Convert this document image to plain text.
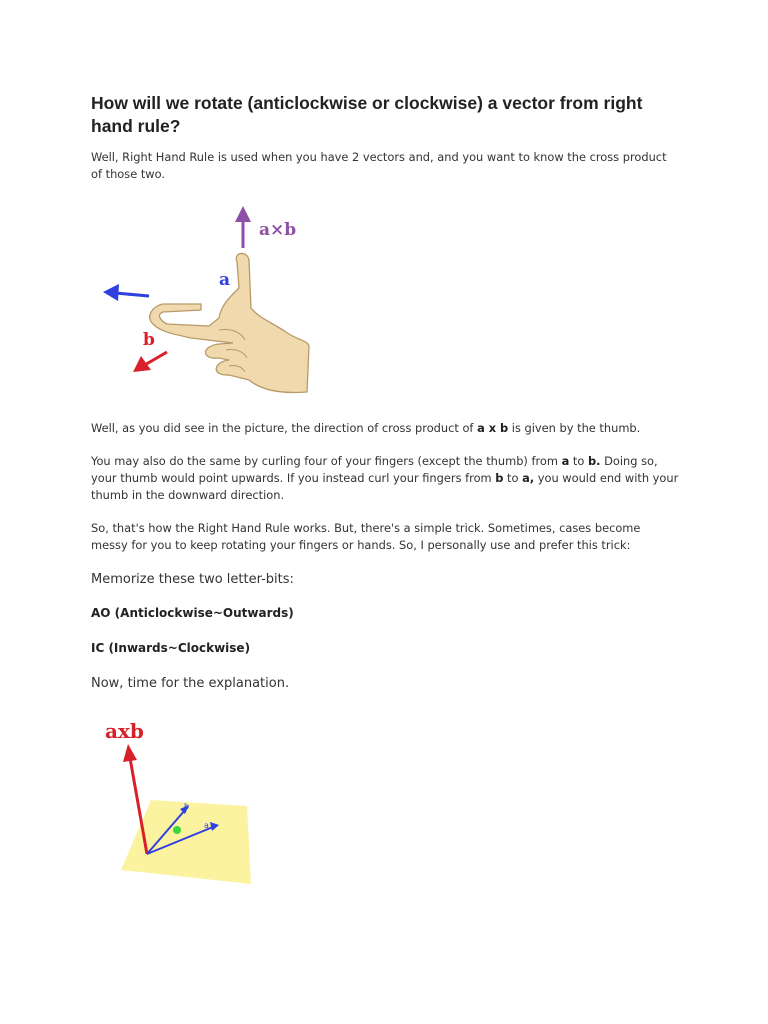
How will we rotate (anticlockwise or clockwise) a vector from right hand rule?

Well, Right Hand Rule is used when you have 2 vectors and, and you want to know the cross product of those two.

a×b
a
b

Well, as you did see in the picture, the direction of cross product of a x b is given by the thumb.

You may also do the same by curling four of your fingers (except the thumb) from a to b. Doing so, your thumb would point upwards. If you instead curl your fingers from b to a, you would end with your thumb in the downward direction.

So, that's how the Right Hand Rule works. But, there's a simple trick. Sometimes, cases become messy for you to keep rotating your fingers or hands. So, I personally use and prefer this trick:

Memorize these two letter-bits:

AO (Anticlockwise~Outwards)

IC (Inwards~Clockwise)

Now, time for the explanation.

axb
b
a
